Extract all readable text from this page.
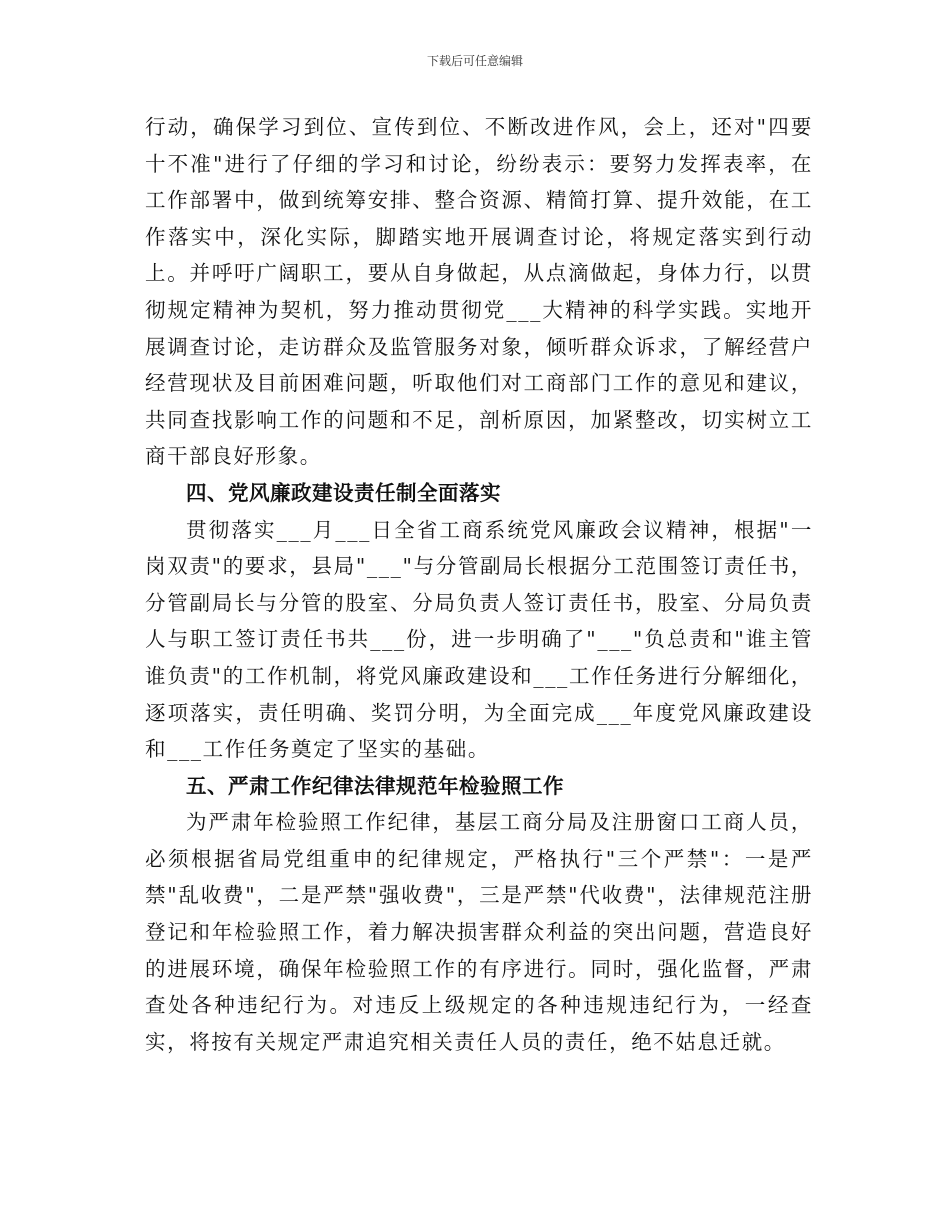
下载后可任意编辑

行动，确保学习到位、宣传到位、不断改进作风，会上，还对"四要十不准"进行了仔细的学习和讨论，纷纷表示：要努力发挥表率，在工作部署中，做到统筹安排、整合资源、精简打算、提升效能，在工作落实中，深化实际，脚踏实地开展调查讨论，将规定落实到行动上。并呼吁广阔职工，要从自身做起，从点滴做起，身体力行，以贯彻规定精神为契机，努力推动贯彻党___大精神的科学实践。实地开展调查讨论，走访群众及监管服务对象，倾听群众诉求，了解经营户经营现状及目前困难问题，听取他们对工商部门工作的意见和建议，共同查找影响工作的问题和不足，剖析原因，加紧整改，切实树立工商干部良好形象。

四、党风廉政建设责任制全面落实

贯彻落实___月___日全省工商系统党风廉政会议精神，根据"一岗双责"的要求，县局"___"与分管副局长根据分工范围签订责任书，分管副局长与分管的股室、分局负责人签订责任书，股室、分局负责人与职工签订责任书共___份，进一步明确了"___"负总责和"谁主管谁负责"的工作机制，将党风廉政建设和___工作任务进行分解细化，逐项落实，责任明确、奖罚分明，为全面完成___年度党风廉政建设和___工作任务奠定了坚实的基础。

五、严肃工作纪律法律规范年检验照工作

为严肃年检验照工作纪律，基层工商分局及注册窗口工商人员，必须根据省局党组重申的纪律规定，严格执行"三个严禁"：一是严禁"乱收费"，二是严禁"强收费"，三是严禁"代收费"，法律规范注册登记和年检验照工作，着力解决损害群众利益的突出问题，营造良好的进展环境，确保年检验照工作的有序进行。同时，强化监督，严肃查处各种违纪行为。对违反上级规定的各种违规违纪行为，一经查实，将按有关规定严肃追究相关责任人员的责任，绝不姑息迁就。
